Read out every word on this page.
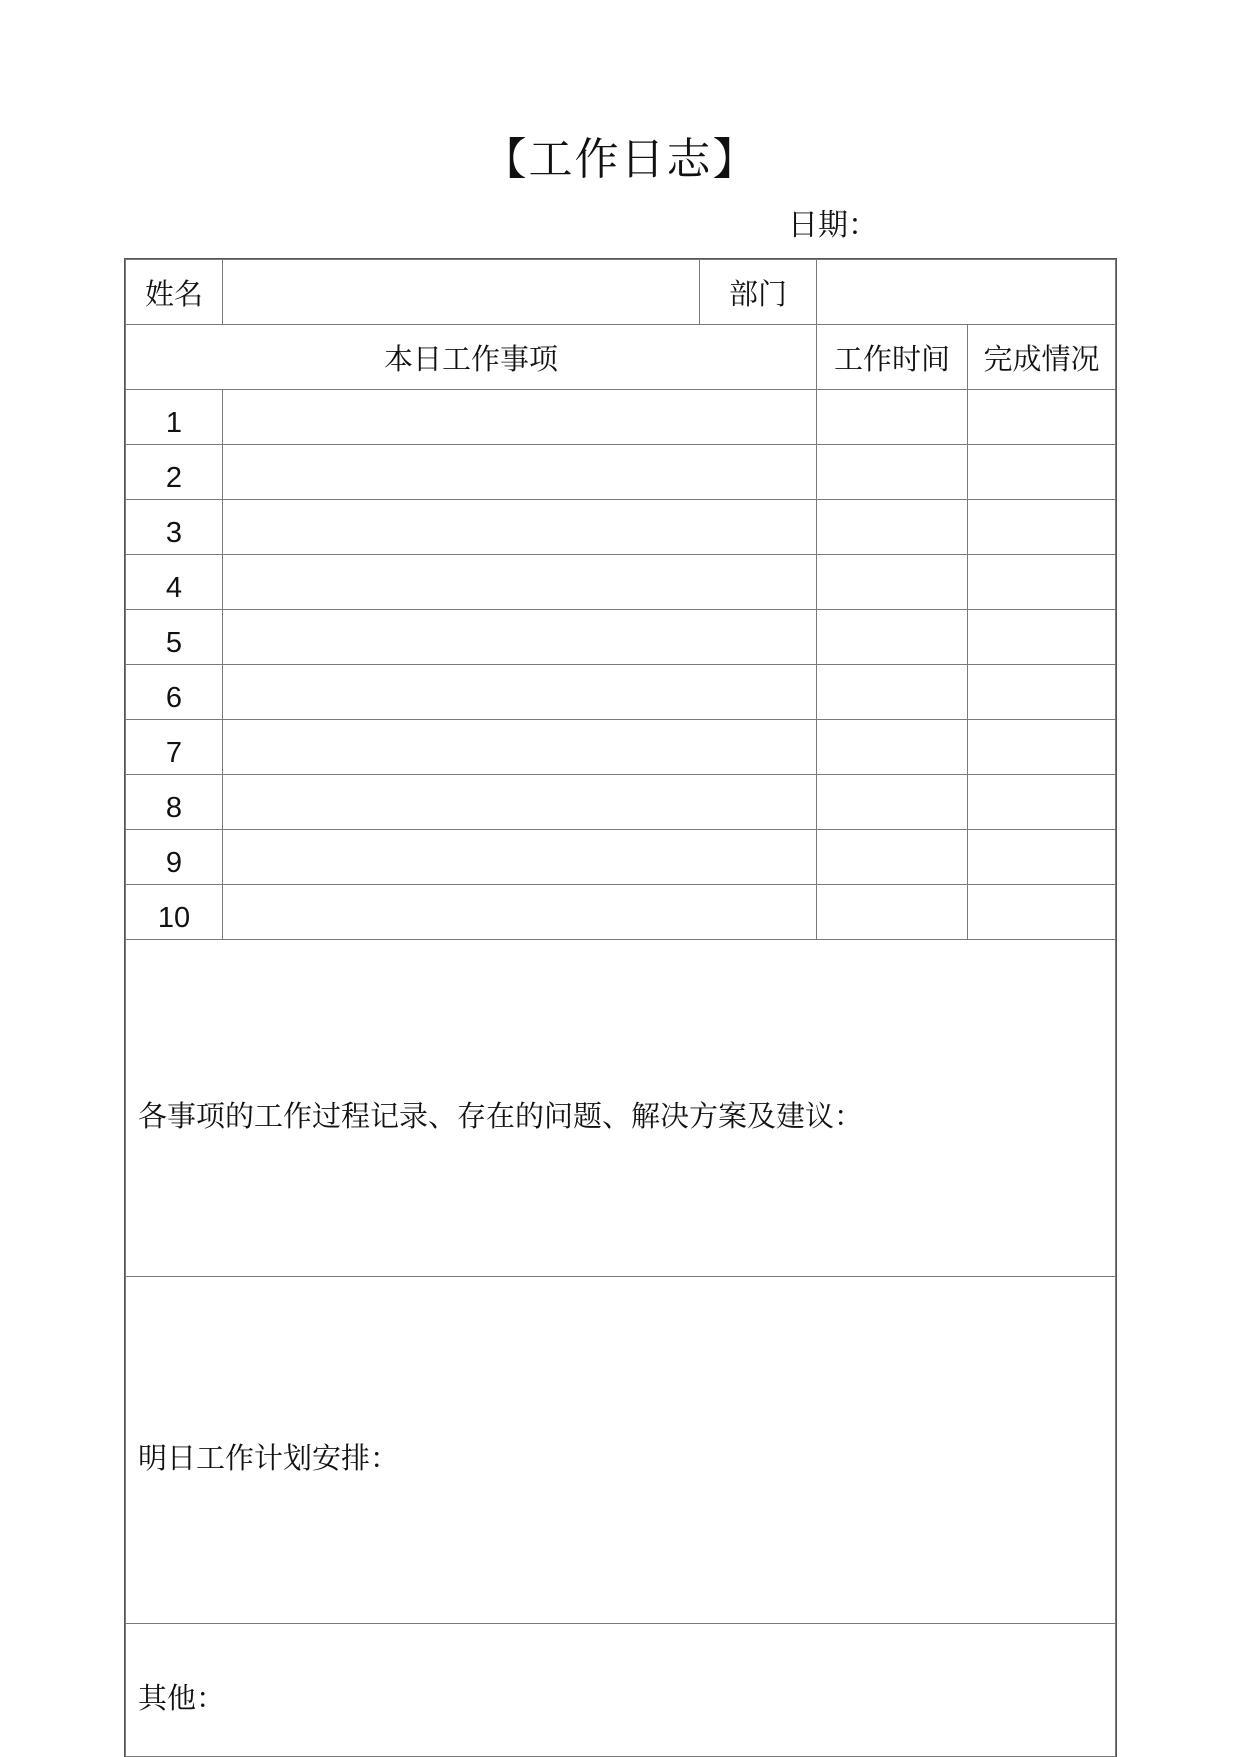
【工作日志】
日期：
姓名		部门		
本日工作事项			工作时间	完成情况
1				
2				
3				
4				
5				
6				
7				
8				
9				
10				
各事项的工作过程记录、存在的问题、解决方案及建议：				
明日工作计划安排：				
其他：				
